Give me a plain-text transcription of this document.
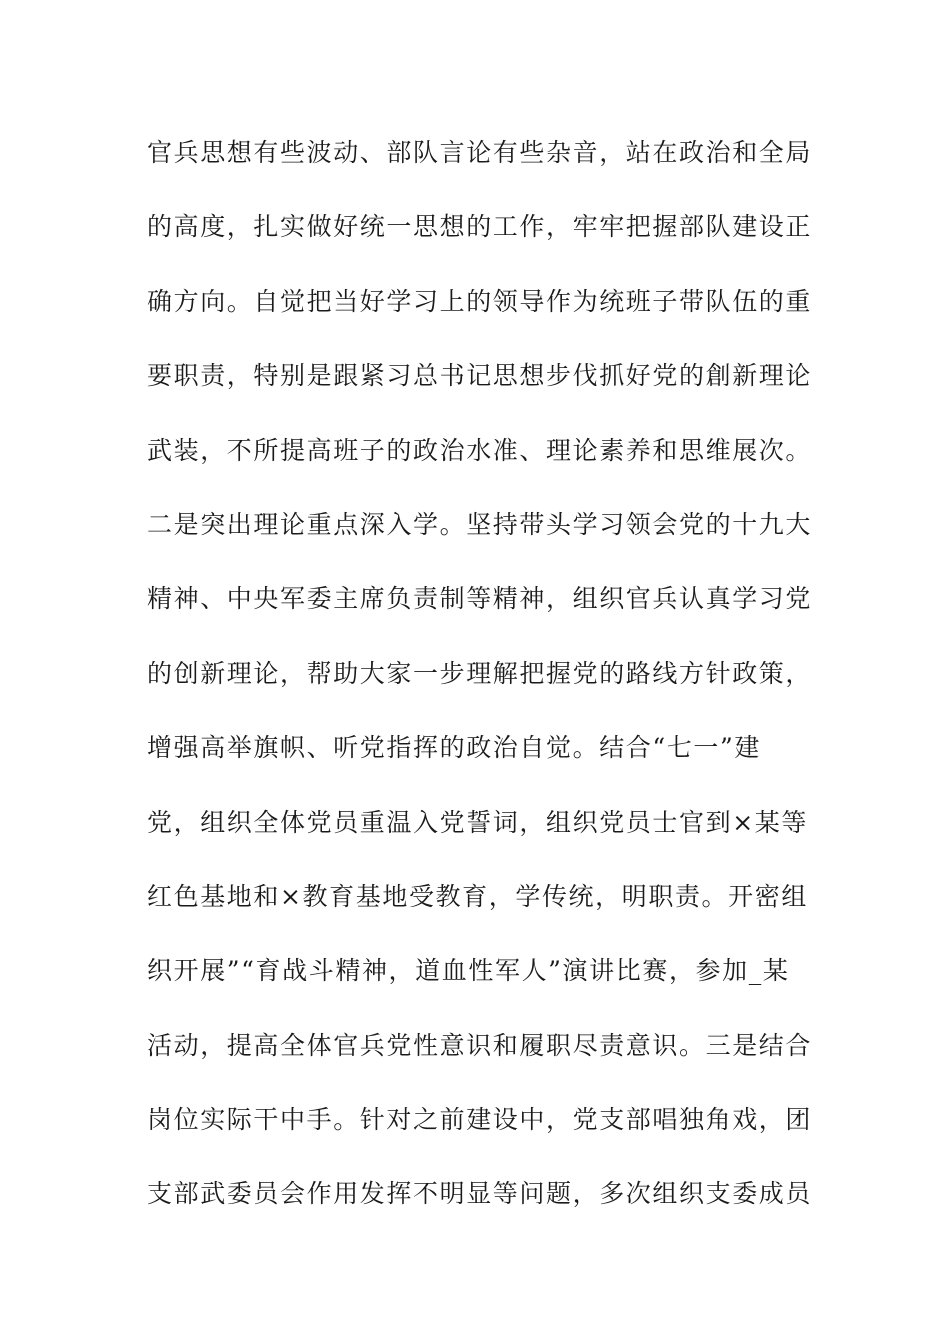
官兵思想有些波动、部队言论有些杂音，站在政治和全局
的高度，扎实做好统一思想的工作，牢牢把握部队建设正
确方向。自觉把当好学习上的领导作为统班子带队伍的重
要职责，特别是跟紧习总书记思想步伐抓好党的創新理论
武装，不所提高班子的政治水准、理论素养和思维展次。
二是突出理论重点深入学。坚持带头学习领会党的十九大
精神、中央军委主席负责制等精神，组织官兵认真学习党
的创新理论，帮助大家一步理解把握党的路线方针政策，
增强高举旗帜、听党指挥的政治自觉。结合“七一”建
党，组织全体党员重温入党誓词，组织党员士官到×某等
红色基地和×教育基地受教育，学传统，明职责。开密组
织开展”“育战斗精神，道血性军人”演讲比赛，参加_某
活动，提高全体官兵党性意识和履职尽责意识。三是结合
岗位实际干中手。针对之前建设中，党支部唱独角戏，团
支部武委员会作用发挥不明显等问题，多次组织支委成员
